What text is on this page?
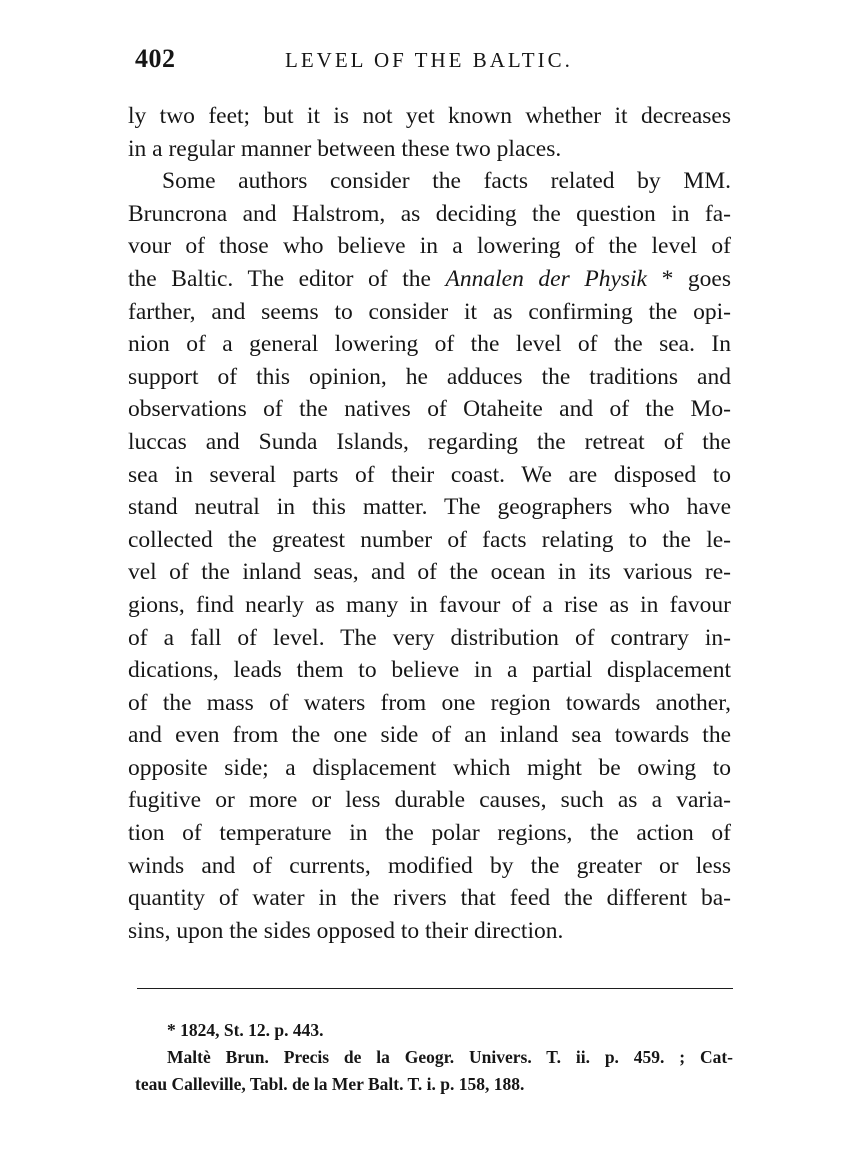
402	LEVEL OF THE BALTIC.
ly two feet; but it is not yet known whether it decreases
in a regular manner between these two places.
Some authors consider the facts related by MM.
Bruncrona and Halstrom, as deciding the question in fa-
vour of those who believe in a lowering of the level of
the Baltic. The editor of the Annalen der Physik * goes
farther, and seems to consider it as confirming the opi-
nion of a general lowering of the level of the sea. In
support of this opinion, he adduces the traditions and
observations of the natives of Otaheite and of the Mo-
luccas and Sunda Islands, regarding the retreat of the
sea in several parts of their coast. We are disposed to
stand neutral in this matter. The geographers who have
collected the greatest number of facts relating to the le-
vel of the inland seas, and of the ocean in its various re-
gions, find nearly as many in favour of a rise as in favour
of a fall of level. The very distribution of contrary in-
dications, leads them to believe in a partial displacement
of the mass of waters from one region towards another,
and even from the one side of an inland sea towards the
opposite side; a displacement which might be owing to
fugitive or more or less durable causes, such as a varia-
tion of temperature in the polar regions, the action of
winds and of currents, modified by the greater or less
quantity of water in the rivers that feed the different ba-
sins, upon the sides opposed to their direction.
* 1824, St. 12. p. 443.
Maltè Brun. Precis de la Geogr. Univers. T. ii. p. 459. ; Cat-
teau Calleville, Tabl. de la Mer Balt. T. i. p. 158, 188.
